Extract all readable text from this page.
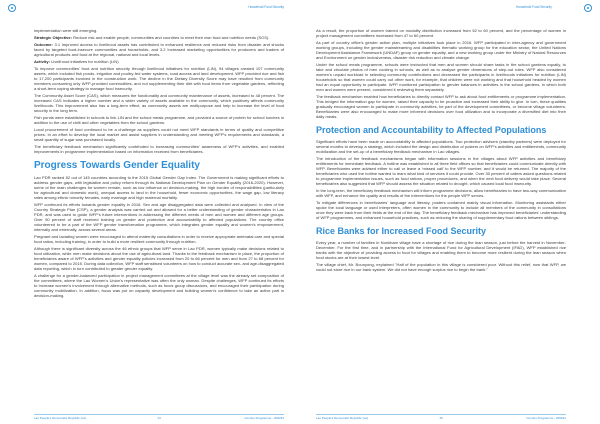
Household Food Security

implementation were still emerging.

Strategic Objective: Reduce risk and enable people, communities and countries to meet their own food and nutrition needs (SO3).

Outcome: 3.1 Improved access to livelihood assets has contributed to enhanced resilience and reduced risks from disaster and shocks faced by targeted food-insecure communities and households, and 3.2 Increased marketing opportunities for producers and traders of agricultural products and food at the regional, national and local levels.

Activity: Livelihood initiatives for nutrition (LIN)

To improve communities' food and nutrition security through livelihood initiatives for nutrition (LIN), 94 villages created 107 community assets, which included fish ponds, irrigation and poultry-fed water systems, road access and land development. WFP provided rice and fish to 17,200 participants involved in the construction work. The decline in the Dietary Diversity Score may have resulted from community members consuming only WFP-provided commodities, and not supplementing their diet with food items from vegetable gardens, reflecting a short-term coping strategy to manage food insecurity.

The Community Asset Score (CAS), which measures the functionality and community maintenance of assets, increased to 48 percent. The increased CAS indicates a higher number and a wider variety of assets available to the community, which positively affects community livelihoods. This improvement also has a long-term effect, as community assets are multipurpose and help to increase the level of food security in the long term.

Fish ponds were established in schools to link LIN and the school meals programme, and provided a source of protein for school lunches in addition to the use of chilli and other vegetables from the school gardens.

Local procurement of food continued to be a challenge as suppliers could not meet WFP standards in terms of quality and competitive prices. In an effort to develop the local market and assist suppliers in understanding and meeting WFP's requirements and standards, a small quantity of sugar was purchased locally.

The beneficiary feedback mechanism significantly contributed to increasing communities' awareness of WFP's activities, and enabled improvements in programme implementation based on information received from beneficiaries.

Progress Towards Gender Equality

Lao PDR ranked 52 out of 145 countries according to the 2015 Global Gender Gap Index. The Government is making significant efforts to address gender gaps, with legislative and policy reform through its National Development Plan on Gender Equality (2016-2020). However, some of the main challenges for women remain, such as low influence on decision-making, the high burden of responsibilities (particularly for agricultural and domestic work), unequal access to land in the household, fewer economic opportunities, the wage gap, low literacy rates among ethnic minority females, early marriage and high maternal mortality.

WFP continued its efforts towards gender equality in 2016. Sex and age disaggregated data were collected and analysed. In view of the Country Strategic Plan (CSP), a gender analysis was carried out and allowed for a better understanding of gender characteristics in Lao PDR, and was used to guide WFP's future interventions in addressing the different needs of men and women and different age groups. Over 90 percent of staff received training on gender and protection and accountability to affected populations. The country office volunteered to be a part of the WFP gender transformation programme, which integrates gender equality and women's empowerment, internally and externally, across several areas.

Pregnant and lactating women were encouraged to attend maternity consultations in order to receive appropriate antenatal care and special food ratios, including training, in order to build a more resilient community through nutrition.

Although there is significant diversity across the 46 ethnic groups that WFP serve in Lao PDR, women typically make decisions related to food utilization, while men make decisions about the use of agricultural land. Thanks to the feedback mechanism in place, the proportion of beneficiaries aware of WFP's activities and gender equality policies increased from 20 to 66 percent for men and from 27 to 68 percent for women, compared to 2015. During data collection, WFP staff sensitised volunteers on how to conduct accurate sex- and age-disaggregated data reporting, which in turn contributed to greater gender equality.

A challenge for a gender-balanced participation in project management committees at the village level was the already set composition of the committees, where the Lao Women's Union's representative was often the only woman. Despite challenges, WFP continued its efforts to increase women's involvement through alternative methods, such as focus group discussions, and encouraged their participation during community mobilization. In addition, focus was put on capacity development and building women's confidence to take an active part in decision-making.

Lao People's Democratic Republic (LA)	14	Country Programme - 200242
Household Food Security

As a result, the proportion of women trained on modality distribution increased from 52 to 60 percent, and the percentage of women in project management committees increased from 47 to 60 percent.

As part of country office's gender action plan, multiple initiatives took place in 2016. WFP participated in inter-agency and government working groups, including the gender mainstreaming and disabilities thematic working group for the education sector, the United Nations Development Assistance Framework (UNDAF) group on gender equality, and a new working group under the Ministry of Natural Resources and Environment on gender inclusiveness, disaster risk reduction and climate change.

Under the school meals programme, schools were instructed that men and women should share tasks in the school gardens equally, to take and circulate photos of men cooking in schools, as well as to analyse gender dimensions of step-out rules. WFP also considered women's unpaid workload in selecting community contributions and decreased the participants in livelihoods initiatives for nutrition (LIN) households so that women could carry out other work, for example, that children were not working and that household headed by women had an equal opportunity to participate. WFP monitored participation to gender balances in activities in the school gardens, in which both men and women were present, considered it reviewing them separately.

The feedback mechanism enabled how beneficiaries to directly contact WFP to ask about food entitlements or programme implementation. This bridged the information gap for women, raised their capacity to be proactive and increased their ability to give. In turn, these qualities gradually encouraged women to participate in community activities, be part of the development committees, or become village volunteers. Beneficiaries were also encouraged to make more informed decisions over food utilization and to incorporate a diversified diet into their daily meals.

Protection and Accountability to Affected Populations

Significant efforts have been made on accountability to affected populations. Two protection advisers (standby partners) were deployed for several months to develop a strategy, which included the design and distribution of posters on WFP's activities and entitlements, community mobilization and the set-up of a beneficiary feedback mechanism in Lao villages.

The introduction of the feedback mechanisms began with information sessions in the villages about WFP activities and beneficiary entitlements for immediate feedback. A hotline was established in all three field offices so that beneficiaries could communicate directly with WFP. Beneficiaries were advised either to call or leave a 'missed call' to the WFP number, and it would be returned. The majority of the beneficiaries who used the hotline wanted to learn what kind of services it could provide. Over 30 percent of callers asked questions related to programme implementation issues, such as food rations, proper procedures, and when the next food delivery would take place. Several beneficiaries also suggested that WFP should assess the situation related to drought, which caused local food insecurity.

In the long-term, the beneficiary feedback mechanism will inform programme decisions, allow beneficiaries to have two-way communication with WFP, and enhance the quality and results of the interventions for the people WFP serves.

To mitigate differences in beneficiaries' language and literacy, posters contained mainly visual information. Monitoring assistants either spoke the local language or used interpreters, often women in the community to include all members of the community in consultations once they were back from their fields at the end of the day. The beneficiary feedback mechanism has improved beneficiaries' understanding of WFP programmes, and enhanced household practices, such as reducing the sharing of supplementary food rations between siblings.

Rice Banks for Increased Food Security

Every year, a number of families in Nonkham village have a shortage of rice during the lean season, just before the harvest in November-December. For the first time, and in partnership with the International Fund for Agricultural Development (IFAD), WFP established rice banks with the objective of providing access to food for villages and enabling them to become more resilient during the lean season when food stocks are at their lowest level.

The village chief, Mr. Bounyong, explained "Half of the population in this village is considered poor. Without this relief, now that WFP, we could not store rice in our bank system. We did not have enough surplus rice to begin the bank."

Lao People's Democratic Republic (LA)	15	Country Programme - 200242
